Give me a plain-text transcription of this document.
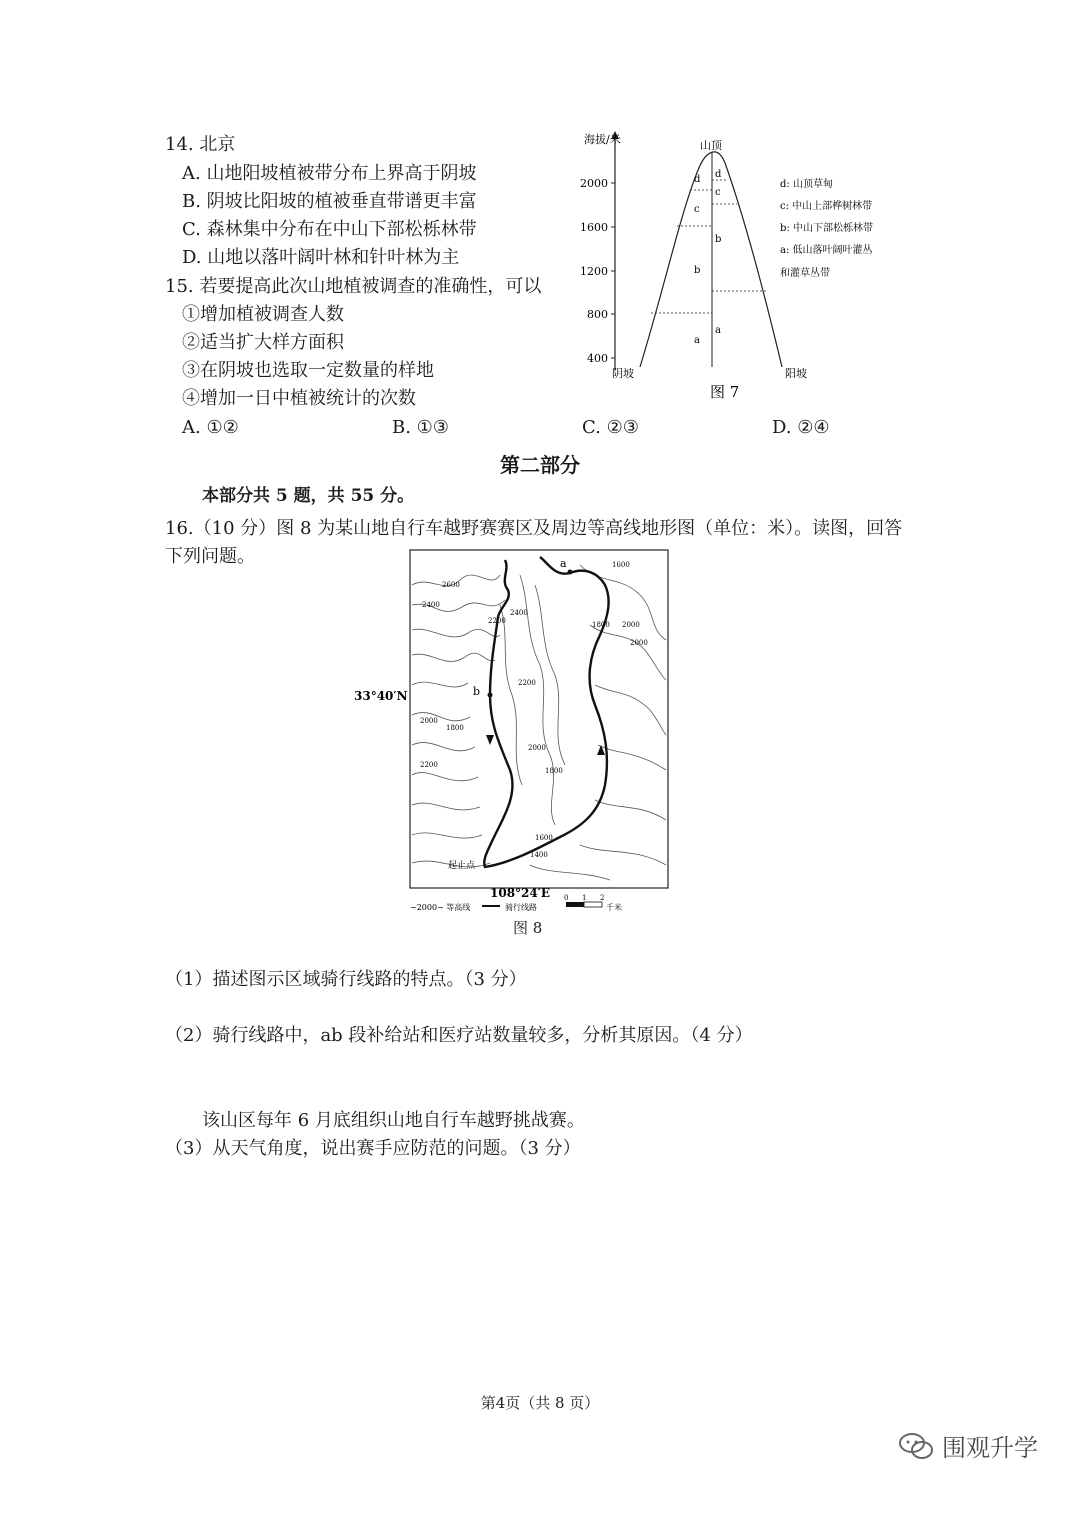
14. 北京
A. 山地阳坡植被带分布上界高于阴坡
B. 阴坡比阳坡的植被垂直带谱更丰富
C. 森林集中分布在中山下部松栎林带
D. 山地以落叶阔叶林和针叶林为主
15. 若要提高此次山地植被调查的准确性，可以
①增加植被调查人数
②适当扩大样方面积
③在阴坡也选取一定数量的样地
④增加一日中植被统计的次数
A. ①②	B. ①③	C. ②③	D. ②④
海拔/米
2000
1600
1200
800
400
山顶
d
c
b
a
d
c
b
a
阴坡	阳坡
d: 山顶草甸
c: 中山上部桦树林带
b: 中山下部松栎林带
a: 低山落叶阔叶灌丛
和灌草丛带
图 7
第二部分
本部分共 5 题，共 55 分。
16.（10 分）图 8 为某山地自行车越野赛赛区及周边等高线地形图（单位：米）。读图，回答
下列问题。	a
b
起止点
2600
2400
2200
2400
1600
1800 2000
2000
2200
2000
1800
2200
2000
1800
1600
1400
33°40′N
108°24′E
~2000~ 等高线	骑行线路
0 1 2
千米
图 8
（1）描述图示区域骑行线路的特点。（3 分）
（2）骑行线路中，ab 段补给站和医疗站数量较多，分析其原因。（4 分）
该山区每年 6 月底组织山地自行车越野挑战赛。
（3）从天气角度，说出赛手应防范的问题。（3 分）
第4页（共 8 页）
围观升学
